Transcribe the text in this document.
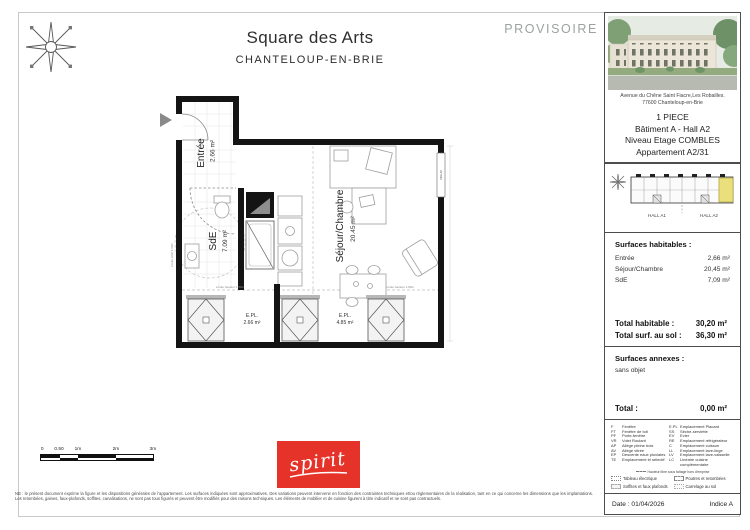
Square des Arts
CHANTELOUP-EN-BRIE
PROVISOIRE
VR.F.AV
Entrée 2.66 m²
SdE 7.09 m²	Séjour/Chambre 20.45 m²
E.PL.
2.66 m²
E.PL.
4.85 m²
Limite hauteur 1.80m	Limite hauteur 1.80m
Limite HSP 2.60m
0 0.50 1m	2m	3m	spirit
NB : le présent document exprime la figure et les dispositions générales de l'appartement. Les surfaces indiquées sont approximatives. Des variations peuvent intervenir en fonction des contraintes techniques et/ou réglementaires de la réalisation, tant en ce qui concerne les dimensions que les implantations. Les retombées, gaines, faux-plafonds, soffites, canalisations, ne sont pas tous figurés et peuvent être modifiés pour des raisons techniques. Les éléments de mobilier et de cuisine figurent à titre indicatif et ne sont pas contractuels.
Avenue du Chêne Saint Fiacre,Les Robailles.
77600 Chanteloup-en-Brie
1 PIECE
Bâtiment A - Hall A2
Niveau Etage COMBLES
Appartement A2/31
HALL A1	HALL A2
Surfaces habitables :
Entrée	2,66 m²
Séjour/Chambre	20,45 m²
SdE	7,09 m²
Total habitable :	30,20 m²
Total surf. au sol : 36,30 m²
Surfaces annexes :
sans objet
Total :	0,00 m²
F	Fenêtre
FT	Fenêtre de toit
PF	Porte-fenêtre
VR	Volet Roulant
AP	Allège pleine bois
AV	Allège vitrée
EP	Descente eaux pluviales
TE	Emplacement tri sélectif
E.PL Emplacement Placard
SS	Sèche-serviette
EV	Evier
RE	Emplacement réfrigérateur
C	Emplacement cuisson
LL	Emplacement lave-linge
LV	Emplacement lave-vaisselle
LC	Linéaire cuisine complémentaire
Hauteur libre sous faîtage hors d'emprise
Tableau électrique	Poutres et retombées
Soffites et faux plafonds	Carrelage au sol
Date : 01/04/2026	Indice A
